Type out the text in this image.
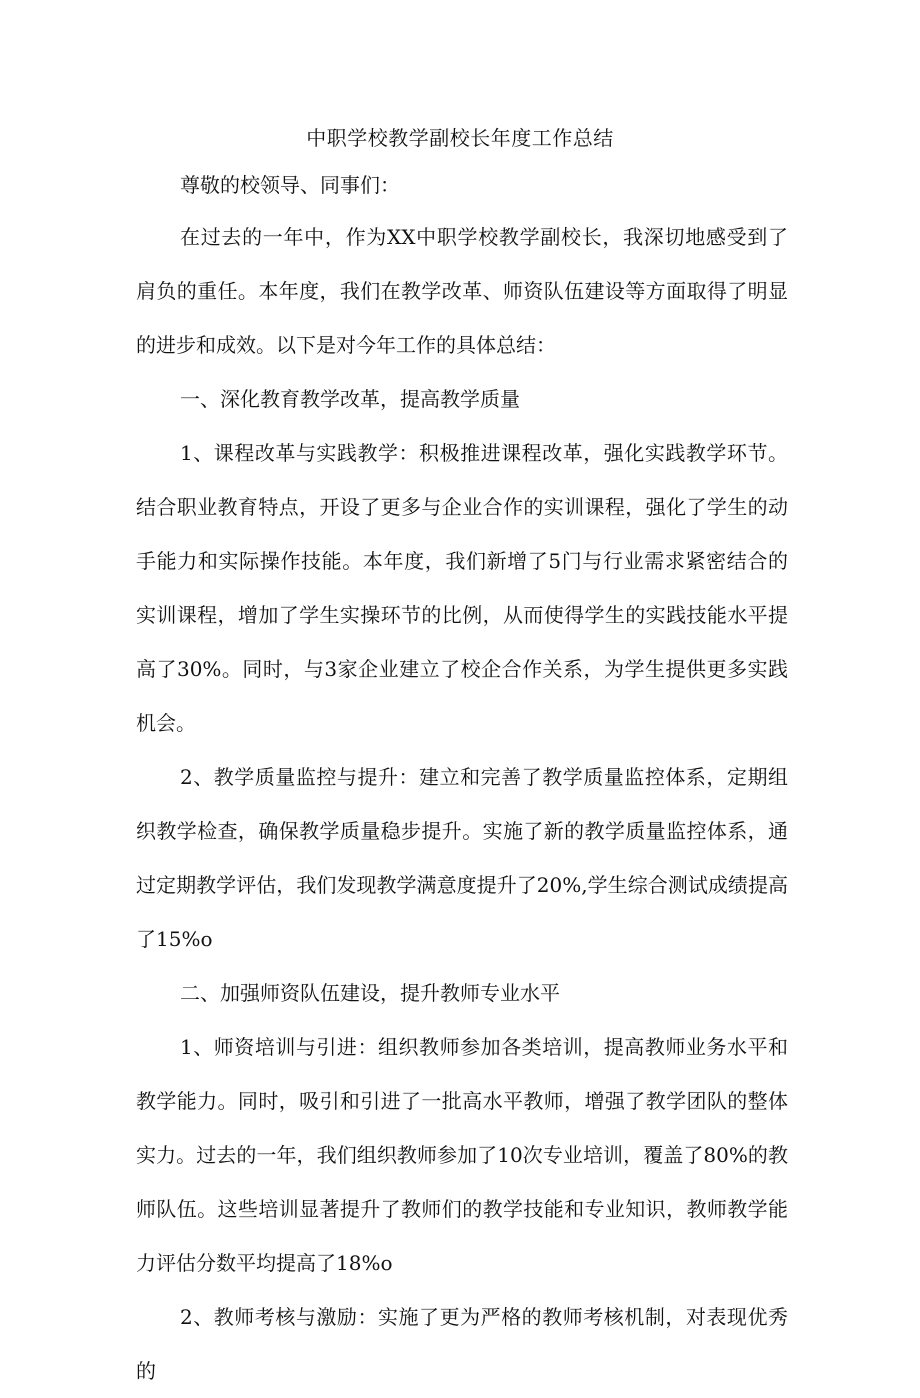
中职学校教学副校长年度工作总结
尊敬的校领导、同事们：

在过去的一年中，作为XX中职学校教学副校长，我深切地感受到了肩负的重任。本年度，我们在教学改革、师资队伍建设等方面取得了明显的进步和成效。以下是对今年工作的具体总结：

一、深化教育教学改革，提高教学质量

1、课程改革与实践教学：积极推进课程改革，强化实践教学环节。结合职业教育特点，开设了更多与企业合作的实训课程，强化了学生的动手能力和实际操作技能。本年度，我们新增了5门与行业需求紧密结合的实训课程，增加了学生实操环节的比例，从而使得学生的实践技能水平提高了30%。同时，与3家企业建立了校企合作关系，为学生提供更多实践机会。

2、教学质量监控与提升：建立和完善了教学质量监控体系，定期组织教学检查，确保教学质量稳步提升。实施了新的教学质量监控体系，通过定期教学评估，我们发现教学满意度提升了20%,学生综合测试成绩提高了15%o

二、加强师资队伍建设，提升教师专业水平

1、师资培训与引进：组织教师参加各类培训，提高教师业务水平和教学能力。同时，吸引和引进了一批高水平教师，增强了教学团队的整体实力。过去的一年，我们组织教师参加了10次专业培训，覆盖了80%的教师队伍。这些培训显著提升了教师们的教学技能和专业知识，教师教学能力评估分数平均提高了18%o

2、教师考核与激励：实施了更为严格的教师考核机制，对表现优秀的
